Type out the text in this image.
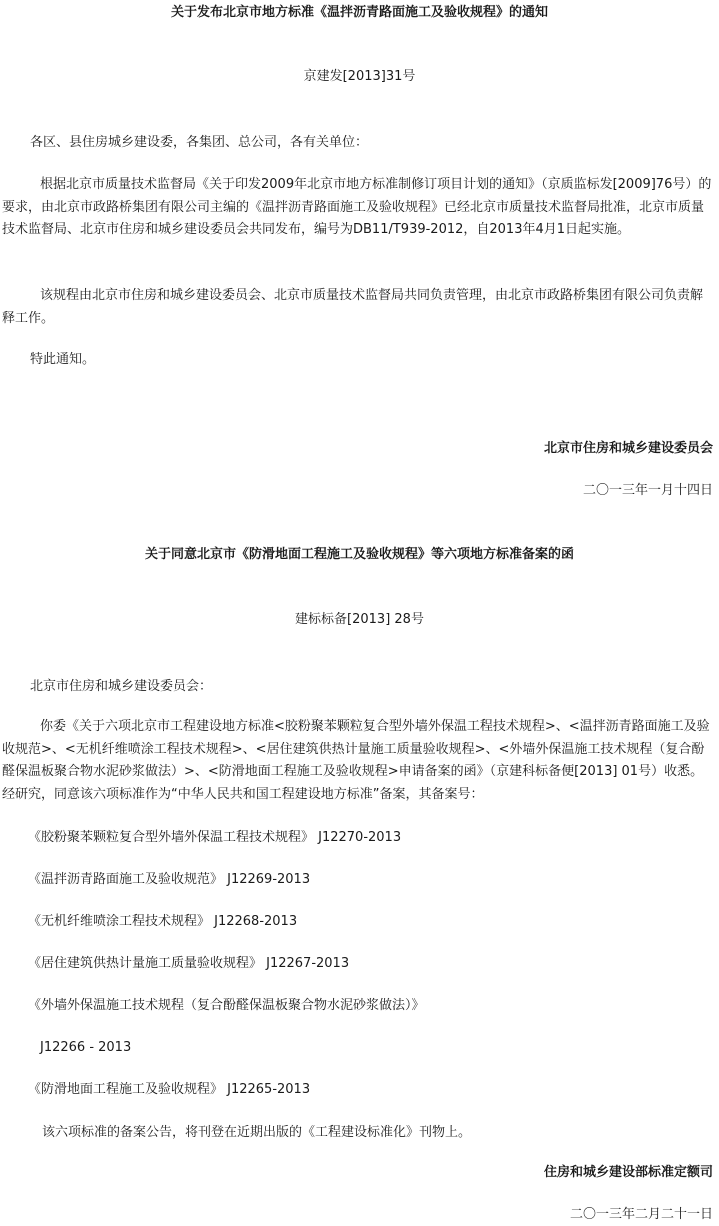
关于发布北京市地方标准《温拌沥青路面施工及验收规程》的通知

京建发[2013]31号

各区、县住房城乡建设委，各集团、总公司，各有关单位：

根据北京市质量技术监督局《关于印发2009年北京市地方标准制修订项目计划的通知》（京质监标发[2009]76号）的要求，由北京市政路桥集团有限公司主编的《温拌沥青路面施工及验收规程》已经北京市质量技术监督局批准，北京市质量技术监督局、北京市住房和城乡建设委员会共同发布，编号为DB11/T939-2012，自2013年4月1日起实施。

该规程由北京市住房和城乡建设委员会、北京市质量技术监督局共同负责管理，由北京市政路桥集团有限公司负责解释工作。

特此通知。

北京市住房和城乡建设委员会

二〇一三年一月十四日

关于同意北京市《防滑地面工程施工及验收规程》等六项地方标准备案的函

建标标备[2013] 28号

北京市住房和城乡建设委员会：

你委《关于六项北京市工程建设地方标准<胶粉聚苯颗粒复合型外墙外保温工程技术规程>、<温拌沥青路面施工及验收规范>、<无机纤维喷涂工程技术规程>、<居住建筑供热计量施工质量验收规程>、<外墙外保温施工技术规程（复合酚醛保温板聚合物水泥砂浆做法）>、<防滑地面工程施工及验收规程>申请备案的函》（京建科标备便[2013] 01号）收悉。经研究，同意该六项标准作为“中华人民共和国工程建设地方标准”备案，其备案号：

《胶粉聚苯颗粒复合型外墙外保温工程技术规程》 J12270-2013

《温拌沥青路面施工及验收规范》 J12269-2013

《无机纤维喷涂工程技术规程》 J12268-2013

《居住建筑供热计量施工质量验收规程》 J12267-2013

《外墙外保温施工技术规程（复合酚醛保温板聚合物水泥砂浆做法）》

J12266 - 2013

《防滑地面工程施工及验收规程》 J12265-2013

该六项标准的备案公告，将刊登在近期出版的《工程建设标准化》刊物上。

住房和城乡建设部标准定额司

二〇一三年二月二十一日
